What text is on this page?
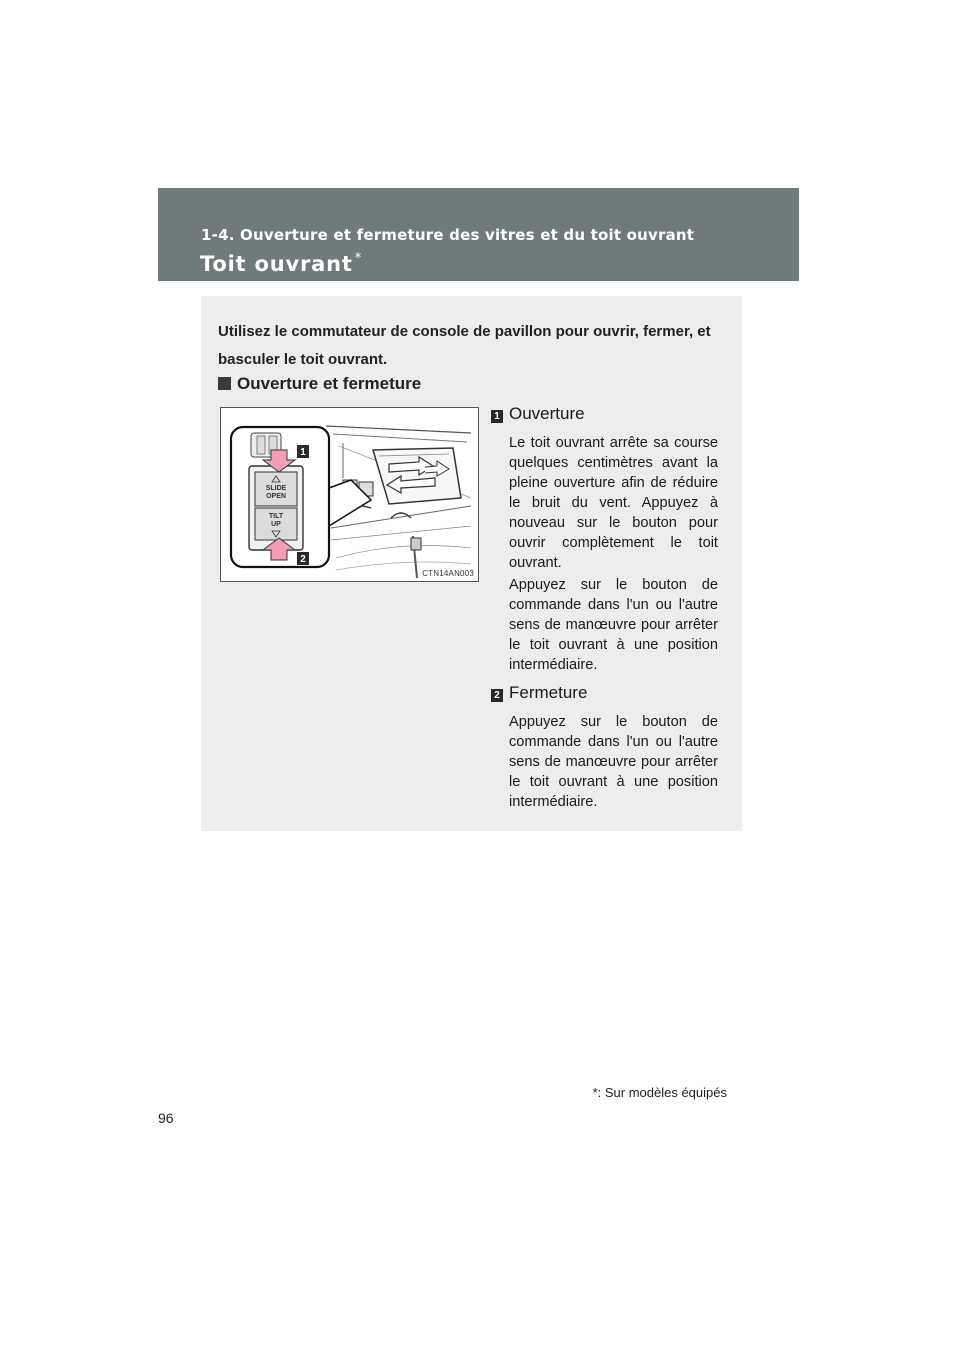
1-4. Ouverture et fermeture des vitres et du toit ouvrant
Toit ouvrant *
Utilisez le commutateur de console de pavillon pour ouvrir, fermer, et basculer le toit ouvrant.
Ouverture et fermeture
SLIDE
OPEN
TILT
UP
1
2
CTN14AN003
1 Ouverture
Le toit ouvrant arrête sa course quelques centimètres avant la pleine ouverture afin de réduire le bruit du vent. Appuyez à nouveau sur le bouton pour ouvrir complètement le toit ouvrant.
Appuyez sur le bouton de commande dans l'un ou l'autre sens de manœuvre pour arrêter le toit ouvrant à une position intermédiaire.
2 Fermeture
Appuyez sur le bouton de commande dans l'un ou l'autre sens de manœuvre pour arrêter le toit ouvrant à une position intermédiaire.
*: Sur modèles équipés
96
